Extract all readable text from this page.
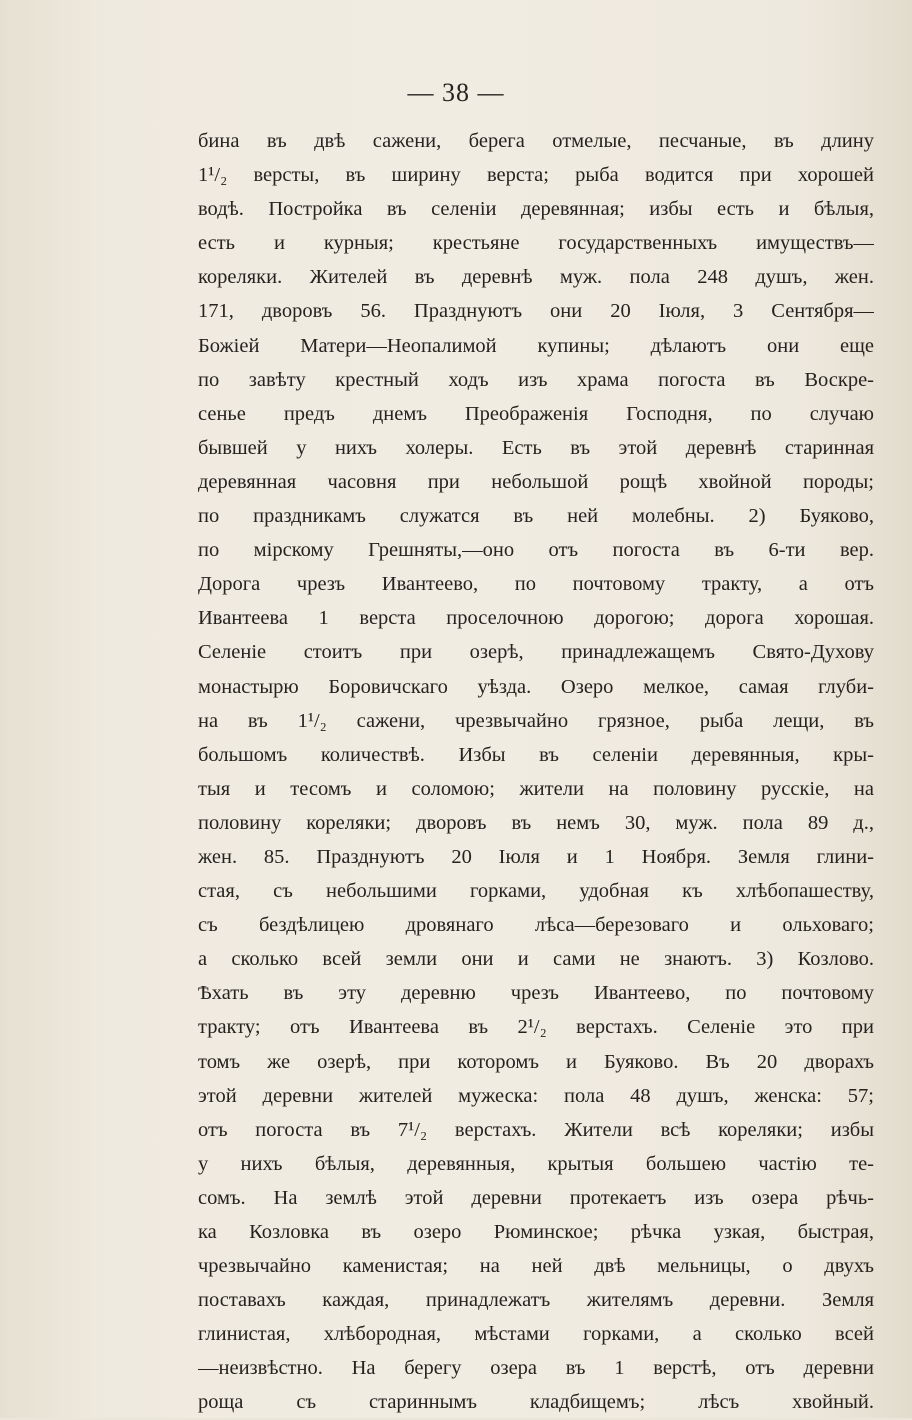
— 38 —
бина въ двѣ сажени, берега отмелые, песчаные, въ длину
1¹/₂ версты, въ ширину верста; рыба водится при хорошей
водѣ. Постройка въ селеніи деревянная; избы есть и бѣлыя,
есть и курныя; крестьяне государственныхъ имуществъ—
кореляки. Жителей въ деревнѣ муж. пола 248 душъ, жен.
171, дворовъ 56. Празднуютъ они 20 Іюля, 3 Сентября—
Божіей Матери—Неопалимой купины; дѣлаютъ они еще
по завѣту крестный ходъ изъ храма погоста въ Воскре-
сенье предъ днемъ Преображенія Господня, по случаю
бывшей у нихъ холеры. Есть въ этой деревнѣ старинная
деревянная часовня при небольшой рощѣ хвойной породы;
по праздникамъ служатся въ ней молебны. 2) Буяково,
по мірскому Грешняты,—оно отъ погоста въ 6-ти вер.
Дорога чрезъ Ивантеево, по почтовому тракту, а отъ
Ивантеева 1 верста проселочною дорогою; дорога хорошая.
Селеніе стоитъ при озерѣ, принадлежащемъ Свято-Духову
монастырю Боровичскаго уѣзда. Озеро мелкое, самая глуби-
на въ 1¹/₂ сажени, чрезвычайно грязное, рыба лещи, въ
большомъ количествѣ. Избы въ селеніи деревянныя, кры-
тыя и тесомъ и соломою; жители на половину русскіе, на
половину кореляки; дворовъ въ немъ 30, муж. пола 89 д.,
жен. 85. Празднуютъ 20 Іюля и 1 Ноября. Земля глини-
стая, съ небольшими горками, удобная къ хлѣбопашеству,
съ бездѣлицею дровянаго лѣса—березоваго и ольховаго;
а сколько всей земли они и сами не знаютъ. 3) Козлово.
Ѣхать въ эту деревню чрезъ Ивантеево, по почтовому
тракту; отъ Ивантеева въ 2¹/₂ верстахъ. Селеніе это при
томъ же озерѣ, при которомъ и Буяково. Въ 20 дворахъ
этой деревни жителей мужеска: пола 48 душъ, женска: 57;
отъ погоста въ 7¹/₂ верстахъ. Жители всѣ кореляки; избы
у нихъ бѣлыя, деревянныя, крытыя большею частію те-
сомъ. На землѣ этой деревни протекаетъ изъ озера рѣчь-
ка Козловка въ озеро Рюминское; рѣчка узкая, быстрая,
чрезвычайно каменистая; на ней двѣ мельницы, о двухъ
поставахъ каждая, принадлежатъ жителямъ деревни. Земля
глинистая, хлѣбородная, мѣстами горками, а сколько всей
—неизвѣстно. На берегу озера въ 1 верстѣ, отъ деревни
роща съ стариннымъ кладбищемъ; лѣсъ хвойный.
